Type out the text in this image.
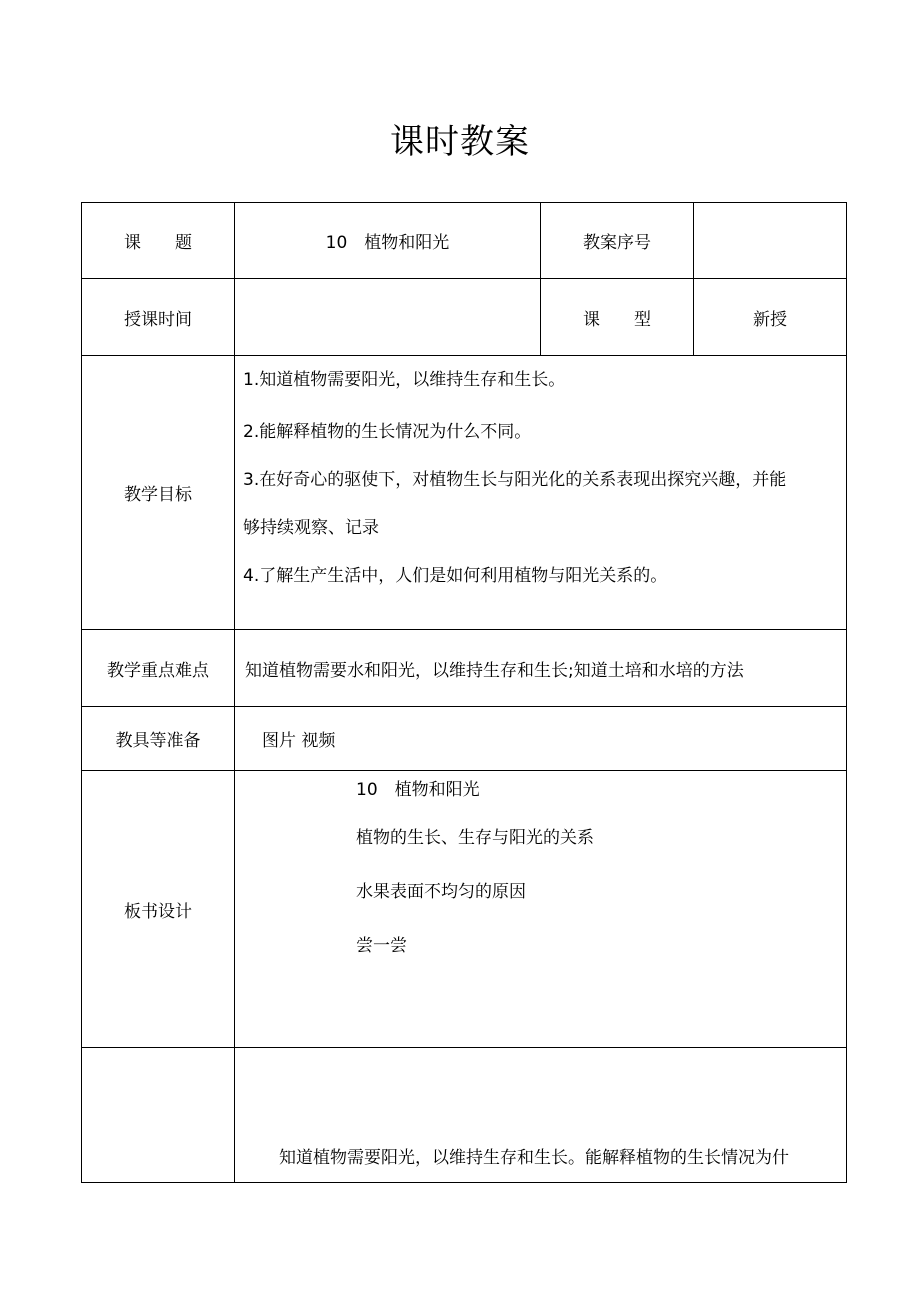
课时教案
课　　题	10　植物和阳光	教案序号	
授课时间		课　　型	新授
教学目标	1.知道植物需要阳光，以维持生存和生长。

2.能解释植物的生长情况为什么不同。

3.在好奇心的驱使下，对植物生长与阳光化的关系表现出探究兴趣，并能

够持续观察、记录

4.了解生产生活中，人们是如何利用植物与阳光关系的。		

教学重点难点	知道植物需要水和阳光，以维持生存和生长;知道土培和水培的方法		
教具等准备	图片 视频		
板书设计	10　植物和阳光

植物的生长、生存与阳光的关系

水果表面不均匀的原因

尝一尝		

	知道植物需要阳光，以维持生存和生长。能解释植物的生长情况为什		
